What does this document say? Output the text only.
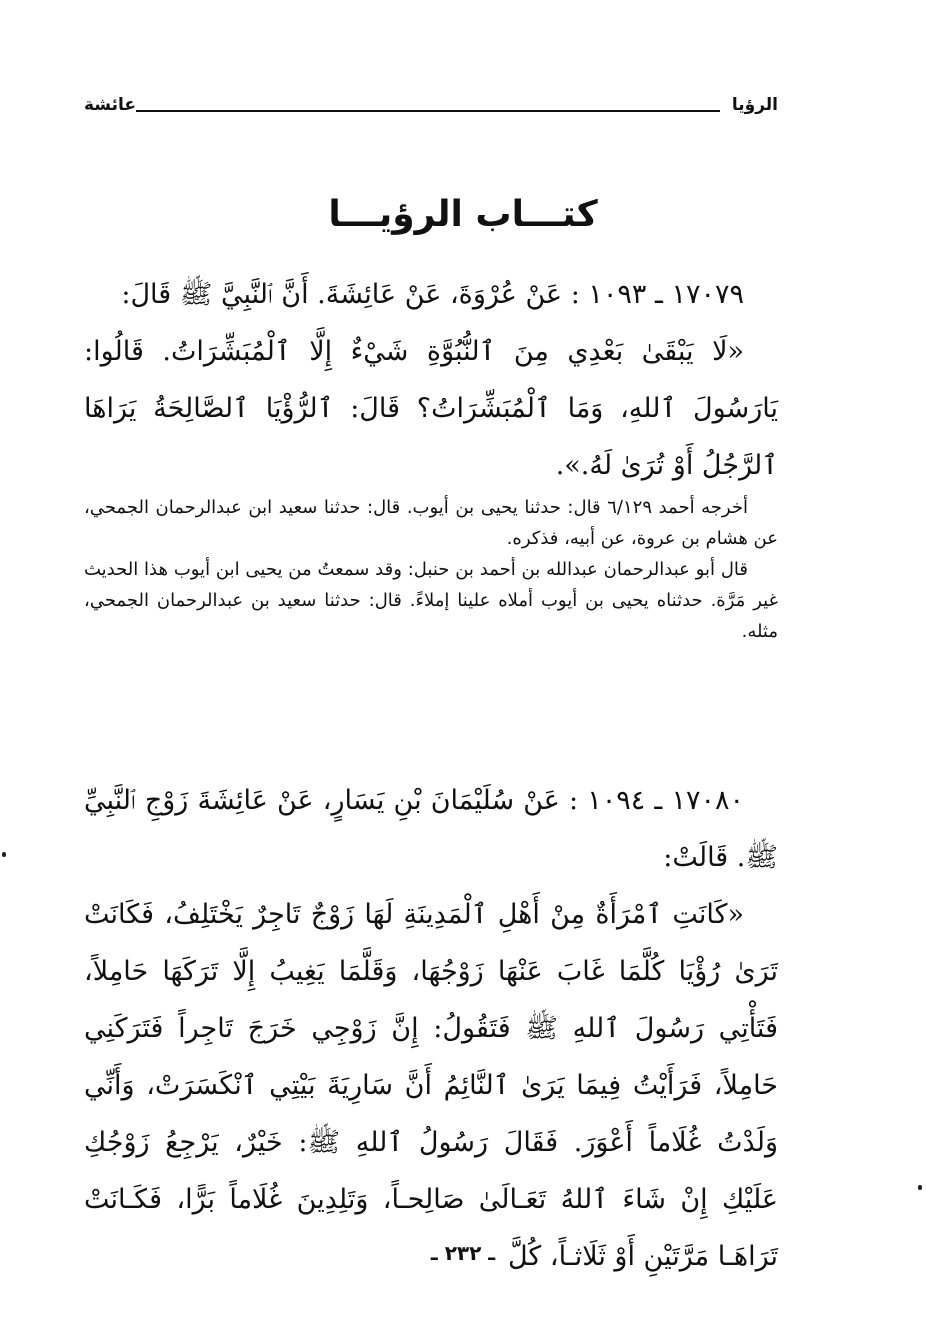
الرؤيا
عائشة
كتـــاب الرؤيـــا
١٧٠٧٩ ـ ١٠٩٣ : عَنْ عُرْوَةَ، عَنْ عَائِشَةَ. أَنَّ ٱلنَّبِيَّ ﷺ قَالَ:
«لَا يَبْقَىٰ بَعْدِي مِنَ ٱلنُّبُوَّةِ شَيْءٌ إِلَّا ٱلْمُبَشِّرَاتُ. قَالُوا: يَارَسُولَ ٱللهِ، وَمَا ٱلْمُبَشِّرَاتُ؟ قَالَ: ٱلرُّؤْيَا ٱلصَّالِحَةُ يَرَاهَا ٱلرَّجُلُ أَوْ تُرَىٰ لَهُ.».

أخرجه أحمد ٦/١٢٩ قال: حدثنا يحيى بن أيوب. قال: حدثنا سعيد ابن عبدالرحمان الجمحي، عن هشام بن عروة، عن أبيه، فذكره.

قال أبو عبدالرحمان عبدالله بن أحمد بن حنبل: وقد سمعتُ من يحيى ابن أيوب هذا الحديث غير مَرَّة. حدثناه يحيى بن أيوب أملاه علينا إملاءً. قال: حدثنا سعيد بن عبدالرحمان الجمحي، مثله.

١٧٠٨٠ ـ ١٠٩٤ : عَنْ سُلَيْمَانَ بْنِ يَسَارٍ، عَنْ عَائِشَةَ زَوْجِ ٱلنَّبِيِّ ﷺ. قَالَتْ:
«كَانَتِ ٱمْرَأَةٌ مِنْ أَهْلِ ٱلْمَدِينَةِ لَهَا زَوْجٌ تَاجِرٌ يَخْتَلِفُ، فَكَانَتْ تَرَىٰ رُؤْيَا كُلَّمَا غَابَ عَنْهَا زَوْجُهَا، وَقَلَّمَا يَغِيبُ إِلَّا تَرَكَهَا حَامِلاً، فَتَأْتِي رَسُولَ ٱللهِ ﷺ فَتَقُولُ: إِنَّ زَوْجِي خَرَجَ تَاجِراً فَتَرَكَنِي حَامِلاً، فَرَأَيْتُ فِيمَا يَرَىٰ ٱلنَّائِمُ أَنَّ سَارِيَةَ بَيْتِي ٱنْكَسَرَتْ، وَأَنِّي وَلَدْتُ غُلَاماً أَعْوَرَ. فَقَالَ رَسُولُ ٱللهِ ﷺ: خَيْرٌ، يَرْجِعُ زَوْجُكِ عَلَيْكِ إِنْ شَاءَ ٱللهُ تَعَـالَىٰ صَالِحـاً، وَتَلِدِينَ غُلَاماً بَرًّا، فَكَـانَتْ تَرَاهَـا مَرَّتَيْنِ أَوْ ثَلَاثـاً، كُلَّ
ـ ٢٣٢ ـ
